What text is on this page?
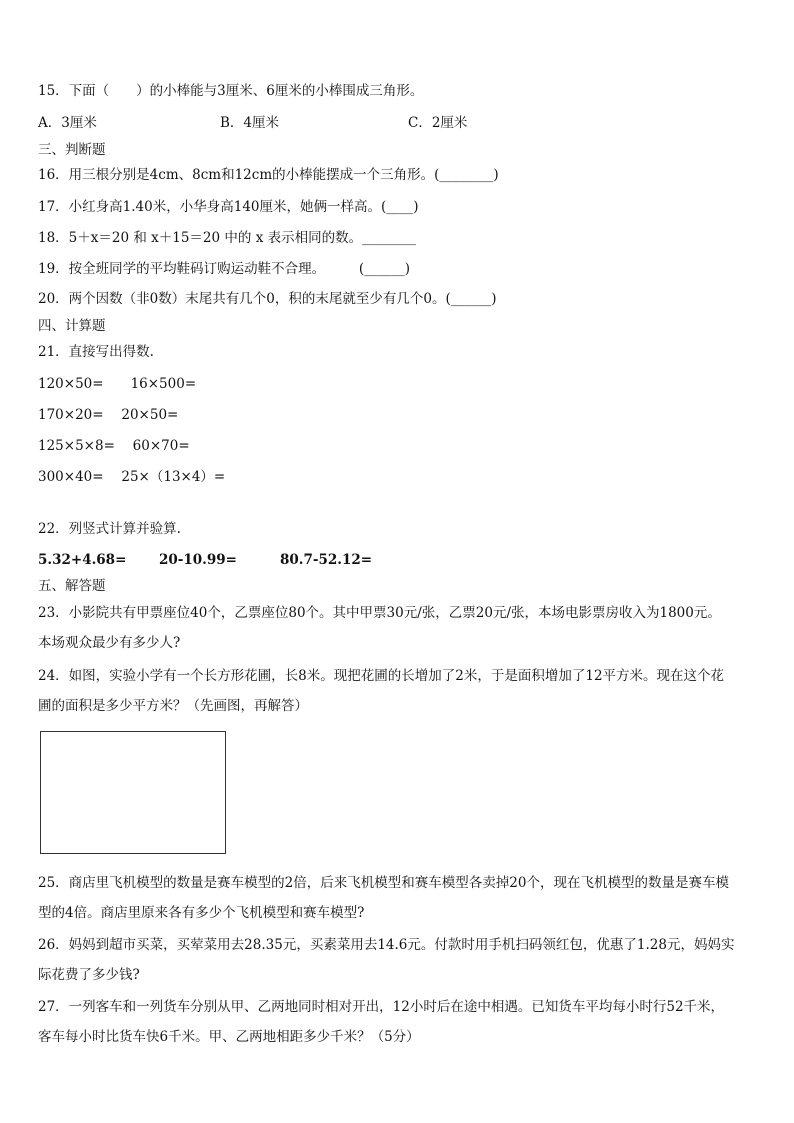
15．下面（　　）的小棒能与3厘米、6厘米的小棒围成三角形。
A．3厘米	B．4厘米	C．2厘米
三、判断题
16．用三根分别是4cm、8cm和12cm的小棒能摆成一个三角形。(________)
17．小红身高1.40米，小华身高140厘米，她俩一样高。(____)
18．5＋x＝20 和 x＋15＝20 中的 x 表示相同的数。________
19．按全班同学的平均鞋码订购运动鞋不合理。　　　(______)
20．两个因数（非0数）末尾共有几个0，积的末尾就至少有几个0。(______)
四、计算题
21．直接写出得数.
120×50=　　16×500=
170×20=　 20×50=
125×5×8=　 60×70=
300×40=　 25×（13×4）=
22．列竖式计算并验算.
5.32+4.68= 20-10.99=	80.7-52.12=
五、解答题
23．小影院共有甲票座位40个，乙票座位80个。其中甲票30元/张，乙票20元/张，本场电影票房收入为1800元。
本场观众最少有多少人?
24．如图，实验小学有一个长方形花圃，长8米。现把花圃的长增加了2米，于是面积增加了12平方米。现在这个花
圃的面积是多少平方米？（先画图，再解答）
25．商店里飞机模型的数量是赛车模型的2倍，后来飞机模型和赛车模型各卖掉20个，现在飞机模型的数量是赛车模
型的4倍。商店里原来各有多少个飞机模型和赛车模型?
26．妈妈到超市买菜，买荤菜用去28.35元，买素菜用去14.6元。付款时用手机扫码领红包，优惠了1.28元，妈妈实
际花费了多少钱?
27．一列客车和一列货车分别从甲、乙两地同时相对开出，12小时后在途中相遇。已知货车平均每小时行52千米，
客车每小时比货车快6千米。甲、乙两地相距多少千米？（5分）
